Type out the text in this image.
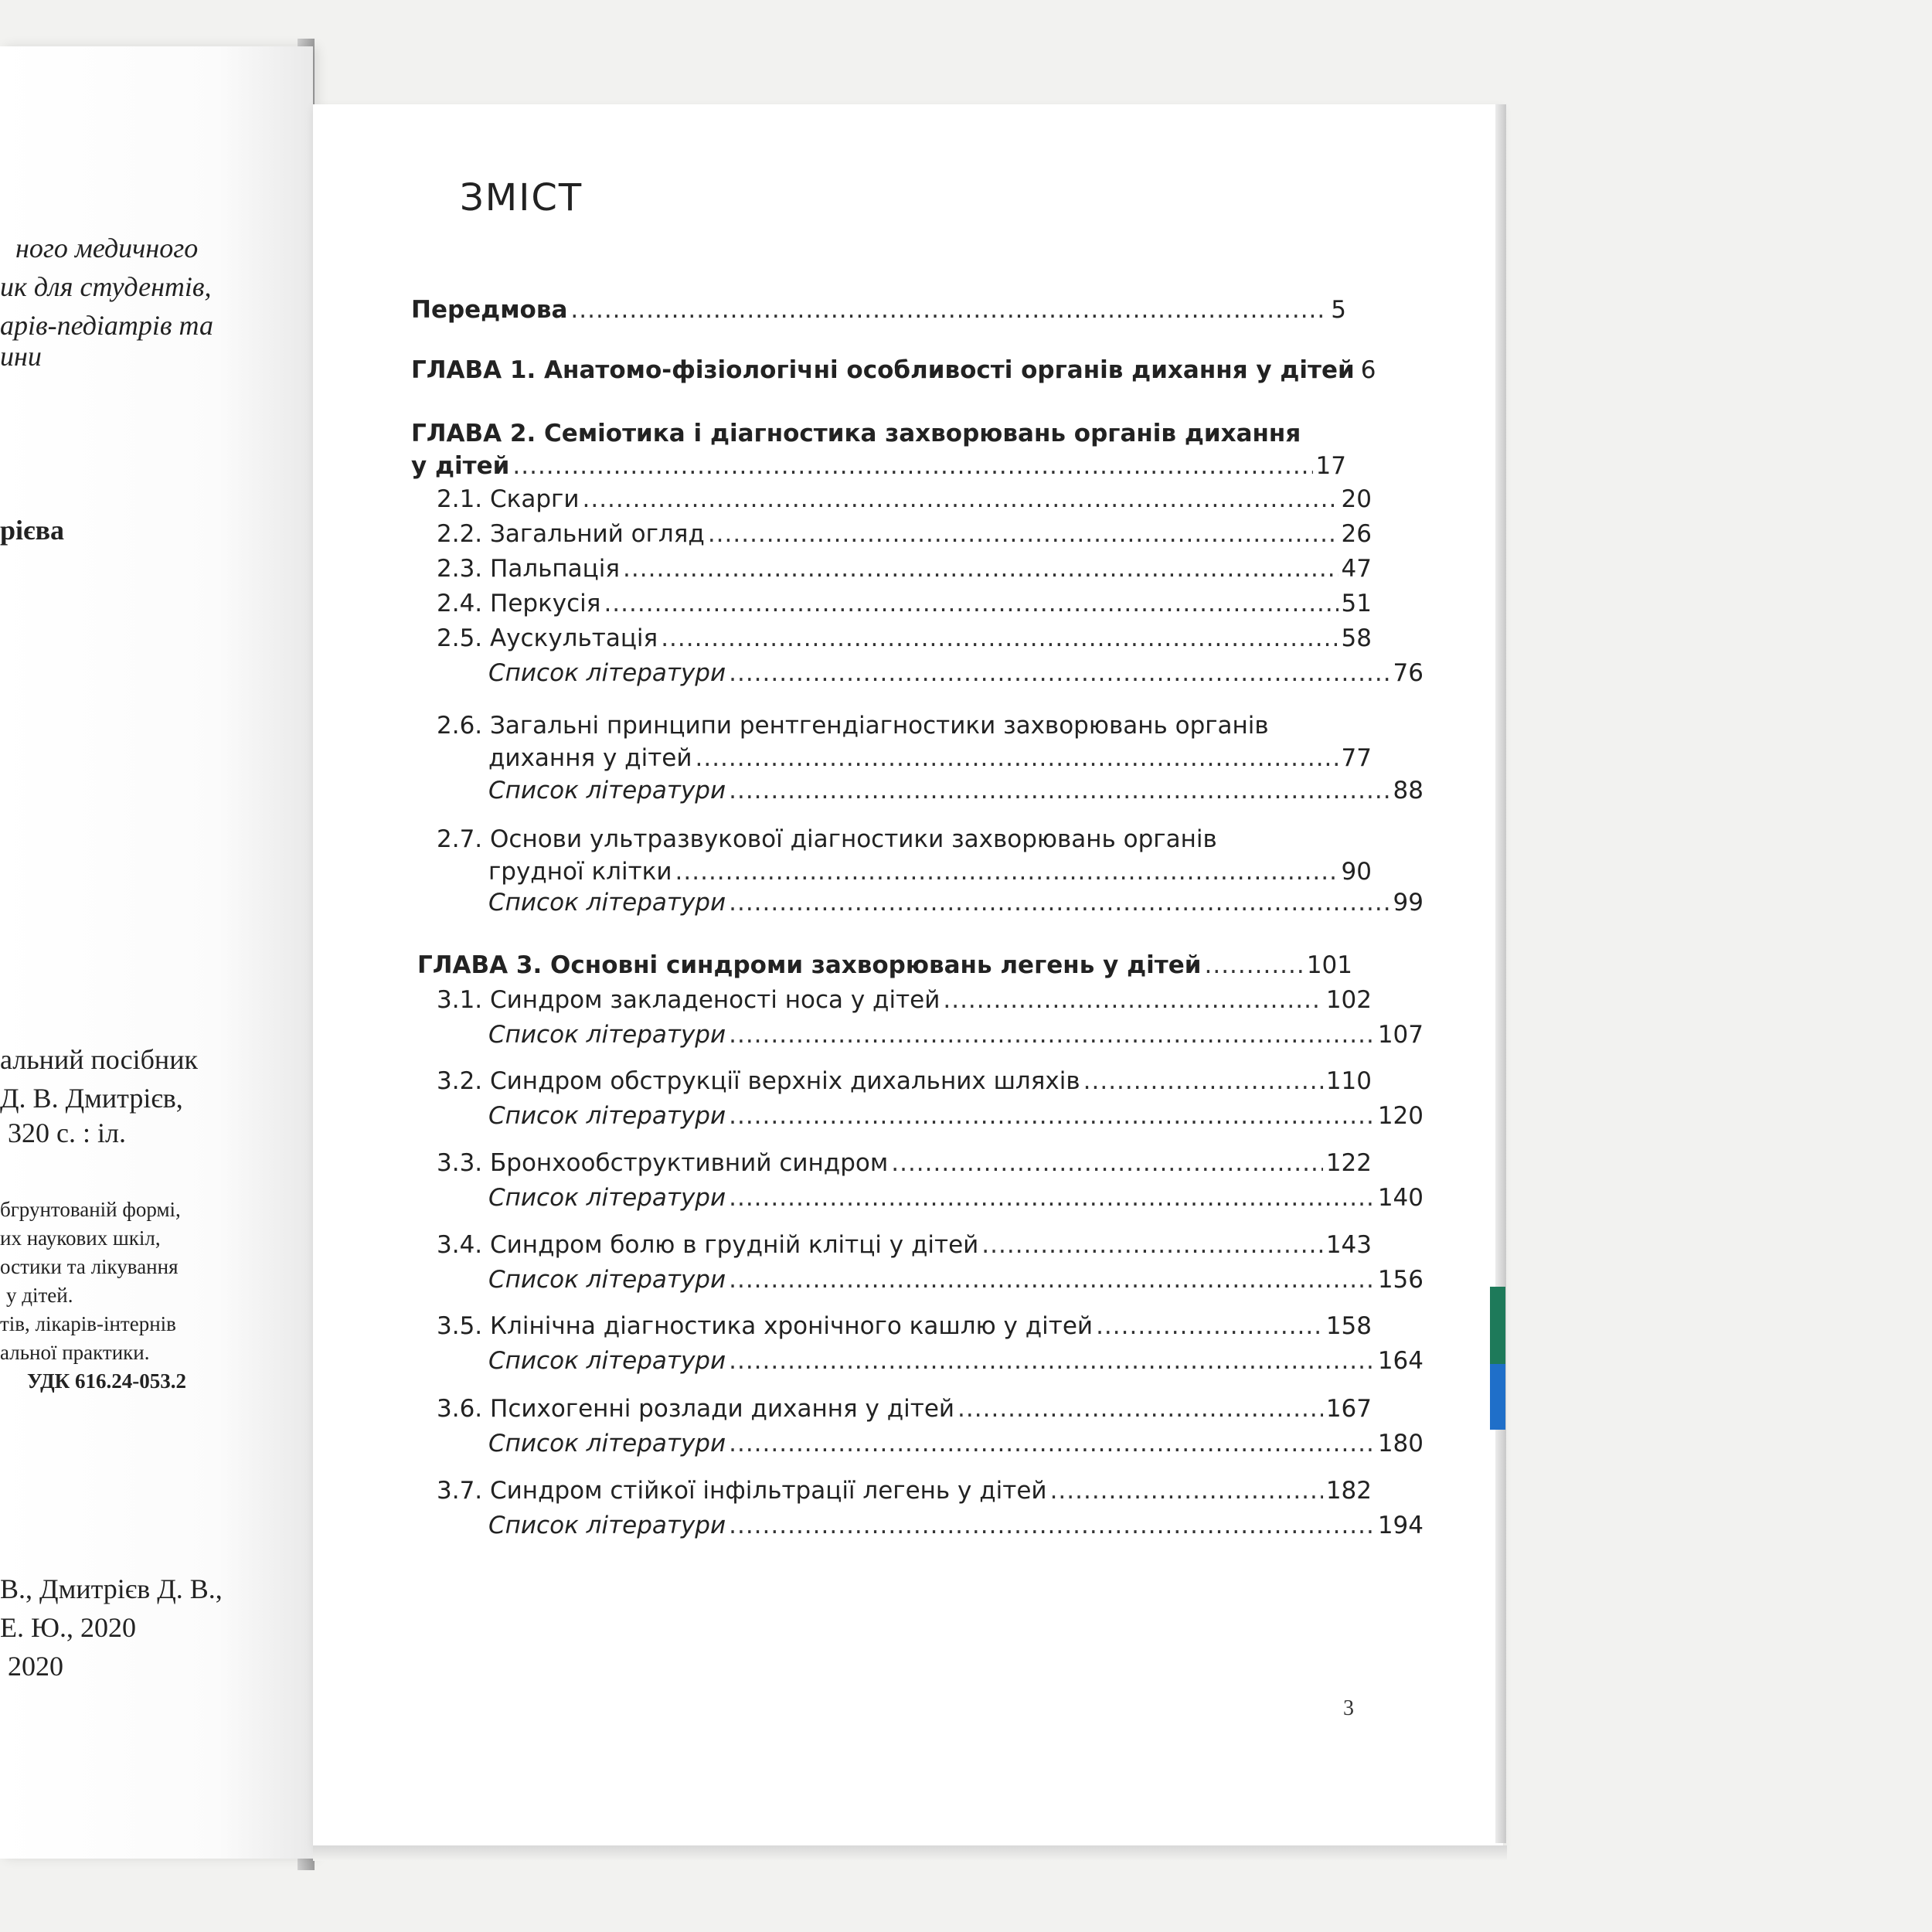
ного медичного
ик для студентів,
арів-педіатрів та
ини
рієва
альний посібник
Д. В. Дмитрієв,
320 с. : іл.
бгрунтованій формі,
их наукових шкіл,
остики та лікування
у дітей.
тів, лікарів-інтернів
альної практики.
УДК 616.24-053.2
В., Дмитрієв Д. В.,
Е. Ю., 2020
2020
ЗМІСТ
Передмова .....	5
ГЛАВА 1. Анатомо-фізіологічні особливості органів дихання у дітей 6
ГЛАВА 2. Семіотика і діагностика захворювань органів дихання
у дітей .....	17
2.1. Скарги .....	20
2.2. Загальний огляд .....	26
2.3. Пальпація .....	47
2.4. Перкусія .....	51
2.5. Аускультація .....	58
Список літератури .....	76
2.6. Загальні принципи рентгендіагностики захворювань органів
дихання у дітей .....	77
Список літератури .....	88
2.7. Основи ультразвукової діагностики захворювань органів
грудної клітки .....	90
Список літератури .....	99
ГЛАВА 3. Основні синдроми захворювань легень у дітей .....	101
3.1. Синдром закладеності носа у дітей .....	102
Список літератури .....	107
3.2. Синдром обструкції верхніх дихальних шляхів .....	110
Список літератури .....	120
3.3. Бронхообструктивний синдром .....	122
Список літератури .....	140
3.4. Синдром болю в грудній клітці у дітей .....	143
Список літератури .....	156
3.5. Клінічна діагностика хронічного кашлю у дітей .....	158
Список літератури .....	164
3.6. Психогенні розлади дихання у дітей .....	167
Список літератури .....	180
3.7. Синдром стійкої інфільтрації легень у дітей .....	182
Список літератури .....	194
3
